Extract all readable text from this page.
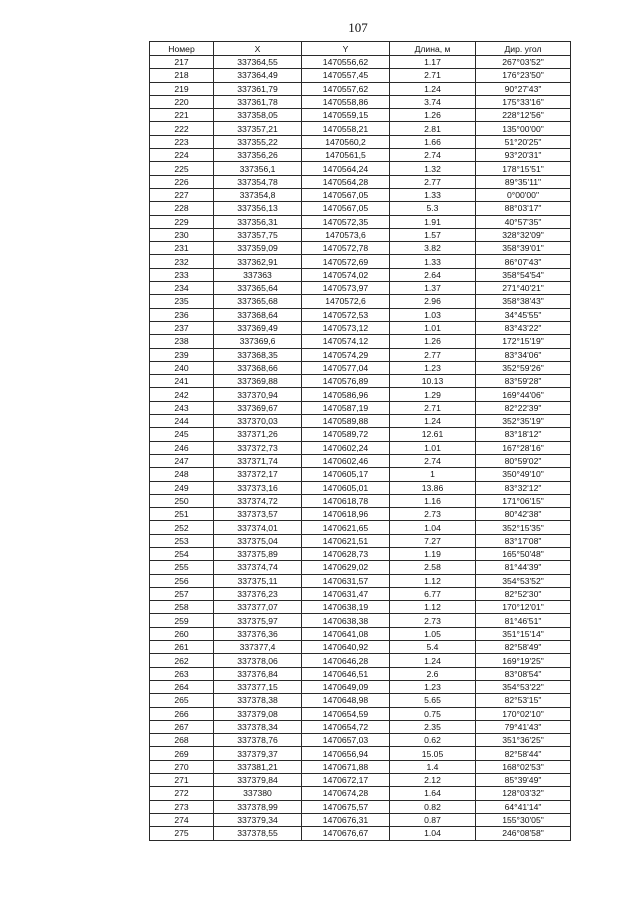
107
Номер	X	Y	Длина, м	Дир. угол
217	337364,55	1470556,62	1.17	267°03'52"
218	337364,49	1470557,45	2.71	176°23'50"
219	337361,79	1470557,62	1.24	90°27'43"
220	337361,78	1470558,86	3.74	175°33'16"
221	337358,05	1470559,15	1.26	228°12'56"
222	337357,21	1470558,21	2.81	135°00'00"
223	337355,22	1470560,2	1.66	51°20'25"
224	337356,26	1470561,5	2.74	93°20'31"
225	337356,1	1470564,24	1.32	178°15'51"
226	337354,78	1470564,28	2.77	89°35'11"
227	337354,8	1470567,05	1.33	0°00'00"
228	337356,13	1470567,05	5.3	88°03'17"
229	337356,31	1470572,35	1.91	40°57'35"
230	337357,75	1470573,6	1.57	328°32'09"
231	337359,09	1470572,78	3.82	358°39'01"
232	337362,91	1470572,69	1.33	86°07'43"
233	337363	1470574,02	2.64	358°54'54"
234	337365,64	1470573,97	1.37	271°40'21"
235	337365,68	1470572,6	2.96	358°38'43"
236	337368,64	1470572,53	1.03	34°45'55"
237	337369,49	1470573,12	1.01	83°43'22"
238	337369,6	1470574,12	1.26	172°15'19"
239	337368,35	1470574,29	2.77	83°34'06"
240	337368,66	1470577,04	1.23	352°59'26"
241	337369,88	1470576,89	10.13	83°59'28"
242	337370,94	1470586,96	1.29	169°44'06"
243	337369,67	1470587,19	2.71	82°22'39"
244	337370,03	1470589,88	1.24	352°35'19"
245	337371,26	1470589,72	12.61	83°18'12"
246	337372,73	1470602,24	1.01	167°28'16"
247	337371,74	1470602,46	2.74	80°59'02"
248	337372,17	1470605,17	1	350°49'10"
249	337373,16	1470605,01	13.86	83°32'12"
250	337374,72	1470618,78	1.16	171°06'15"
251	337373,57	1470618,96	2.73	80°42'38"
252	337374,01	1470621,65	1.04	352°15'35"
253	337375,04	1470621,51	7.27	83°17'08"
254	337375,89	1470628,73	1.19	165°50'48"
255	337374,74	1470629,02	2.58	81°44'39"
256	337375,11	1470631,57	1.12	354°53'52"
257	337376,23	1470631,47	6.77	82°52'30"
258	337377,07	1470638,19	1.12	170°12'01"
259	337375,97	1470638,38	2.73	81°46'51"
260	337376,36	1470641,08	1.05	351°15'14"
261	337377,4	1470640,92	5.4	82°58'49"
262	337378,06	1470646,28	1.24	169°19'25"
263	337376,84	1470646,51	2.6	83°08'54"
264	337377,15	1470649,09	1.23	354°53'22"
265	337378,38	1470648,98	5.65	82°53'15"
266	337379,08	1470654,59	0.75	170°02'10"
267	337378,34	1470654,72	2.35	79°41'43"
268	337378,76	1470657,03	0.62	351°36'25"
269	337379,37	1470656,94	15.05	82°58'44"
270	337381,21	1470671,88	1.4	168°02'53"
271	337379,84	1470672,17	2.12	85°39'49"
272	337380	1470674,28	1.64	128°03'32"
273	337378,99	1470675,57	0.82	64°41'14"
274	337379,34	1470676,31	0.87	155°30'05"
275	337378,55	1470676,67	1.04	246°08'58"
